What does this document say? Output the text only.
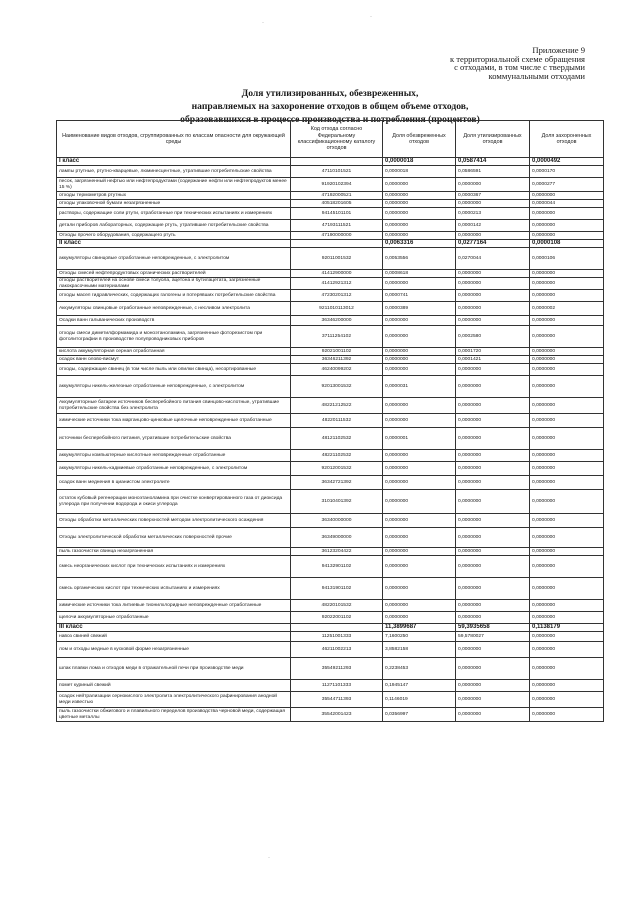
Приложение 9
к территориальной схеме обращения
с отходами, в том числе с твердыми
коммунальными отходами
Доля утилизированных, обезвреженных,
направляемых на захоронение отходов в общем объеме отходов,
образовавшихся в процессе производства и потребления (процентов)
·
·
·
Наименование видов отходов, сгруппированных по классам опасности для окружающей среды	Код отхода согласно Федеральному классификационному каталогу отходов	Доля обезвреженных отходов	Доля утилизированных отходов	Доля захороненных отходов
I класс		0,0000018	0,0587414	0,0000492
лампы ртутные, ртутно-кварцевые, люминесцентные, утратившие потребительские свойства	47110101521	0,0000018	0,0586591	0,0000170
песок, загрязненный нефтью или нефтепродуктами (содержание нефти или нефтепродуктов менее 15 %)	91920102394	0,0000000	0,0000000	0,0000277
отходы термометров ртутных	47192000521	0,0000000	0,0000367	0,0000000
отходы упаковочной бумаги незагрязненные	40518201605	0,0000000	0,0000000	0,0000044
растворы, содержащие соли ртути, отработанные при технических испытаниях и измерениях	94145101101	0,0000000	0,0000213	0,0000000
детали приборов лабораторных, содержащие ртуть, утратившие потребительские свойства	47193111521	0,0000000	0,0000142	0,0000000
Отходы прочего оборудования, содержащего ртуть	47190000000	0,0000000	0,0000000	0,0000000
II класс		0,0063316	0,0277164	0,0000108
аккумуляторы свинцовые отработанные неповрежденные, с электролитом	92011001532	0,0053556	0,0270044	0,0000106
Отходы смесей нефтепродуктовых органических растворителей	41412900000	0,0008618	0,0000000	0,0000000
отходы растворителей на основе смеси толуола, ацетона и бутилацетата, загрязненные лакокрасочными материалами	41412921312	0,0000000	0,0000000	0,0000000
отходы масел гидравлических, содержащих галогены и потерявших потребительские свойства	47230201312	0,0000741	0,0000000	0,0000000
Аккумуляторы свинцовые отработанные неповрежденные, с несливом электролита	9211010113012	0,0000389	0,0000000	0,0000002
Осадки ванн гальванических производств	36346200000	0,0000000	0,0000000	0,0000000
отходы смеси диметилформамида и моноэтаноламина, загрязненные фоторезистом при фотолитографии в производстве полупроводниковых приборов	37111254102	0,0000000	0,0002580	0,0000000
кислота аккумуляторная серная отработанная	92021001102	0,0000000	0,0001720	0,0000000
осадок ванн олово-висмут	36346211392	0,0000000	0,0001421	0,0000000
отходы, содержащие свинец (в том числе пыль или опилки свинца), несортированные	46240099202	0,0000000	0,0000000	0,0000000
аккумуляторы никель-железные отработанные неповрежденные, с электролитом	92013001532	0,0000031	0,0000000	0,0000000
Аккумуляторные батареи источников бесперебойного питания свинцово-кислотные, утратившие потребительские свойства без электролита	48221212522	0,0000000	0,0000000	0,0000000
химические источники тока марганцово-цинковые щелочные неповрежденные отработанные	48220111532	0,0000000	0,0000000	0,0000000
источники бесперебойного питания, утратившие потребительские свойства	48121102532	0,0000001	0,0000000	0,0000000
аккумуляторы компьютерные кислотные неповрежденные отработанные	48221102532	0,0000000	0,0000000	0,0000000
аккумуляторы никель-кадмиевые отработанные неповрежденные, с электролитом	92012001532	0,0000000	0,0000000	0,0000000
осадок ванн меднения в цианистом электролите	36342721392	0,0000000	0,0000000	0,0000000
остаток кубовый регенерации моноэтаноламина при очистке конвертированного газа от диоксида углерода при получении водорода и окиси углерода	31010401392	0,0000000	0,0000000	0,0000000
Отходы обработки металлических поверхностей методом электролитического осаждения	36340000000	0,0000000	0,0000000	0,0000000
Отходы электролитической обработки металлических поверхностей прочие	36349000000	0,0000000	0,0000000	0,0000000
пыль газоочистки свинца незагрязненная	36123204422	0,0000000	0,0000000	0,0000000
смесь неорганических кислот при технических испытаниях и измерениях	94132901102	0,0000000	0,0000000	0,0000000
смесь органических кислот при технических испытаниях и измерениях	94131901102	0,0000000	0,0000000	0,0000000
химические источники тока литиевые тионилхлоридные неповрежденные отработанные	48220101532	0,0000000	0,0000000	0,0000000
щелочи аккумуляторные отработанные	92022001102	0,0000000	0,0000000	0,0000000
III класс		11,3899687	59,3935658	0,1138179
навоз свиней свежий	11251001333	7,1600250	59,5780027	0,0000000
лом и отходы медные в кусковой форме незагрязненные	46211002213	3,8582158	0,0000000	0,0000000
шлак плавки лома и отходов меди в отражательной печи при производстве меди	35549211293	0,2238453	0,0000000	0,0000000
помет куриный свежий	11271101333	0,1945147	0,0000000	0,0000000
осадок нейтрализации сернокислого электролита электролитического рафинирования анодной меди известью	35544711393	0,1146019	0,0000000	0,0000000
пыль газоочистки обжигового и плавильного переделов производства черновой меди, содержащая цветные металлы	35542001423	0,0356997	0,0000000	0,0000000
